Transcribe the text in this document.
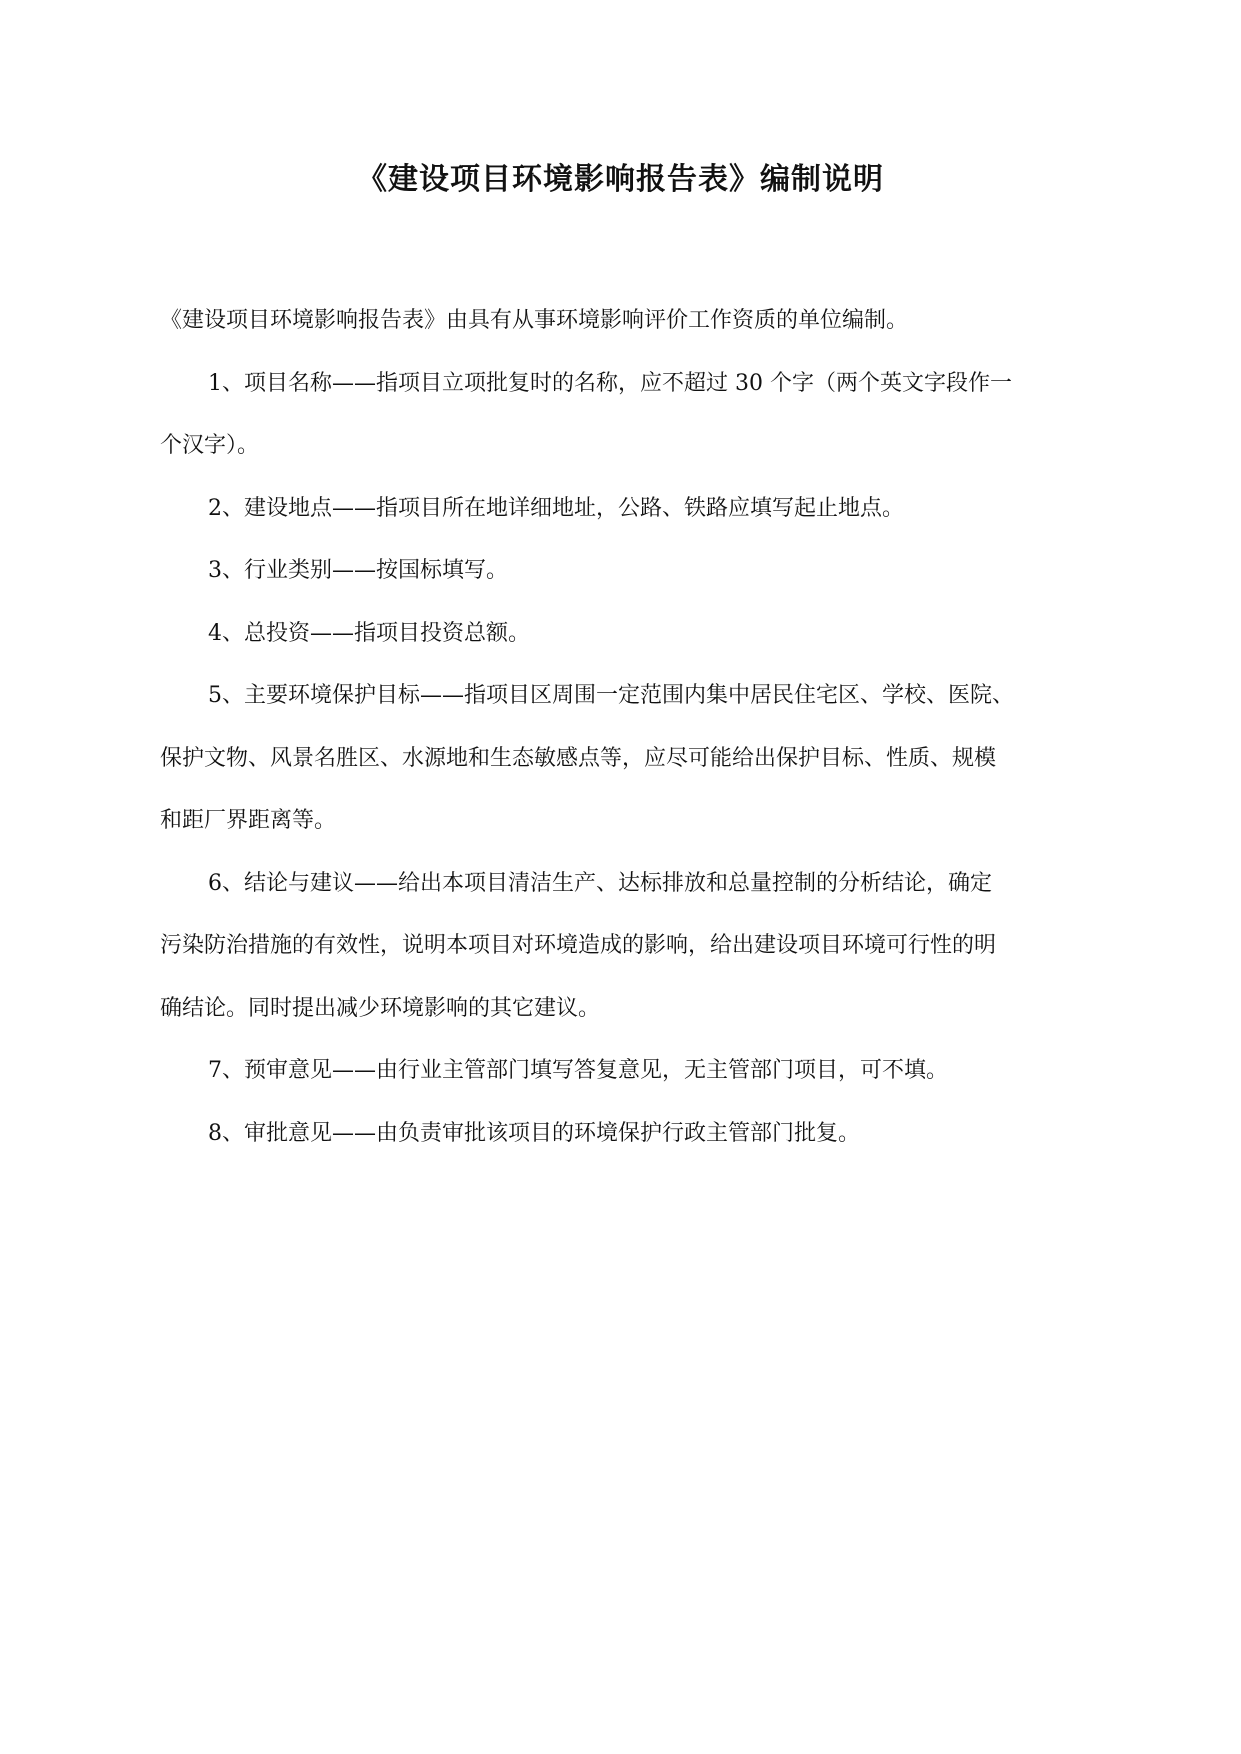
《建设项目环境影响报告表》编制说明

《建设项目环境影响报告表》由具有从事环境影响评价工作资质的单位编制。

1、项目名称——指项目立项批复时的名称，应不超过 30 个字（两个英文字段作一

个汉字）。

2、建设地点——指项目所在地详细地址，公路、铁路应填写起止地点。

3、行业类别——按国标填写。

4、总投资——指项目投资总额。

5、主要环境保护目标——指项目区周围一定范围内集中居民住宅区、学校、医院、

保护文物、风景名胜区、水源地和生态敏感点等，应尽可能给出保护目标、性质、规模

和距厂界距离等。

6、结论与建议——给出本项目清洁生产、达标排放和总量控制的分析结论，确定

污染防治措施的有效性，说明本项目对环境造成的影响，给出建设项目环境可行性的明

确结论。同时提出减少环境影响的其它建议。

7、预审意见——由行业主管部门填写答复意见，无主管部门项目，可不填。

8、审批意见——由负责审批该项目的环境保护行政主管部门批复。
